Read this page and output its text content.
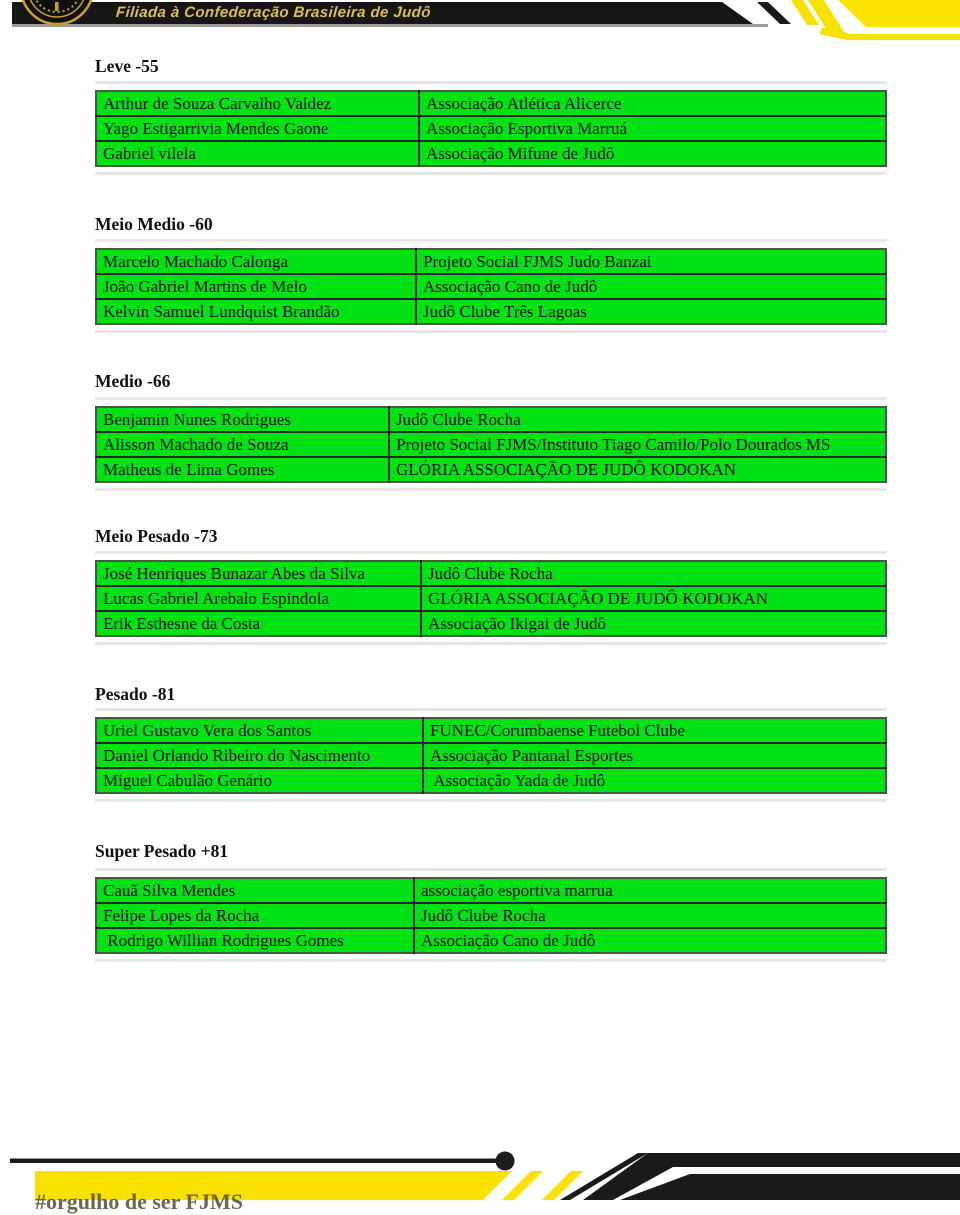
Filiada à Confederação Brasileira de Judô
Leve -55
Arthur de Souza Carvalho Valdez	Associação Atlética Alicerce
Yago Estigarrivia Mendes Gaone	Associação Esportiva Marruá
Gabriel vilela	Associação Mifune de Judô
Meio Medio -60
Marcelo Machado Calonga	Projeto Social FJMS Judo Banzai
João Gabriel Martins de Melo	Associação Cano de Judô
Kelvin Samuel Lundquist Brandão	Judô Clube Três Lagoas
Medio -66
Benjamin Nunes Rodrigues	Judô Clube Rocha
Alisson Machado de Souza	Projeto Social FJMS/Instituto Tiago Camilo/Polo Dourados MS
Matheus de Lima Gomes	GLÓRIA ASSOCIAÇÃO DE JUDÔ KODOKAN
Meio Pesado -73
José Henriques Bunazar Abes da Silva	Judô Clube Rocha
Lucas Gabriel Arebalo Espindola	GLÓRIA ASSOCIAÇÃO DE JUDÔ KODOKAN
Erik Esthesne da Costa	Associação Ikigai de Judô
Pesado -81
Uriel Gustavo Vera dos Santos	FUNEC/Corumbaense Futebol Clube
Daniel Orlando Ribeiro do Nascimento	Associação Pantanal Esportes
Miguel Cabulão Genário	Associação Yada de Judô
Super Pesado +81
Cauã Silva Mendes	associação esportiva marrua
Felipe Lopes da Rocha	Judô Clube Rocha
Rodrigo Willian Rodrigues Gomes	Associação Cano de Judô
#orgulho de ser FJMS
